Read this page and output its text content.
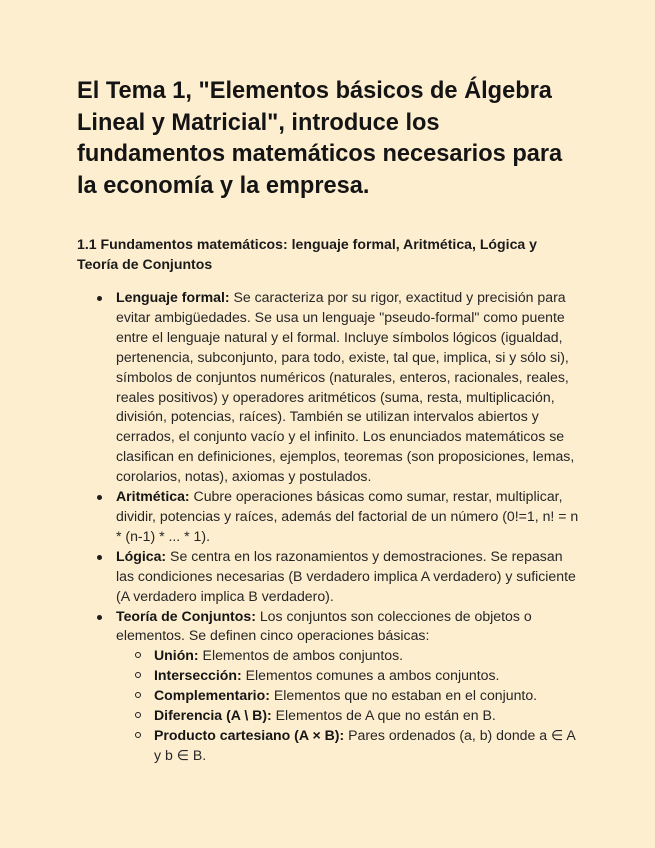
El Tema 1, "Elementos básicos de Álgebra Lineal y Matricial", introduce los fundamentos matemáticos necesarios para la economía y la empresa.
1.1 Fundamentos matemáticos: lenguaje formal, Aritmética, Lógica y Teoría de Conjuntos
Lenguaje formal: Se caracteriza por su rigor, exactitud y precisión para evitar ambigüedades. Se usa un lenguaje "pseudo-formal" como puente entre el lenguaje natural y el formal. Incluye símbolos lógicos (igualdad, pertenencia, subconjunto, para todo, existe, tal que, implica, si y sólo si), símbolos de conjuntos numéricos (naturales, enteros, racionales, reales, reales positivos) y operadores aritméticos (suma, resta, multiplicación, división, potencias, raíces). También se utilizan intervalos abiertos y cerrados, el conjunto vacío y el infinito. Los enunciados matemáticos se clasifican en definiciones, ejemplos, teoremas (son proposiciones, lemas, corolarios, notas), axiomas y postulados.
Aritmética: Cubre operaciones básicas como sumar, restar, multiplicar, dividir, potencias y raíces, además del factorial de un número (0!=1, n! = n * (n-1) * ... * 1).
Lógica: Se centra en los razonamientos y demostraciones. Se repasan las condiciones necesarias (B verdadero implica A verdadero) y suficiente (A verdadero implica B verdadero).
Teoría de Conjuntos: Los conjuntos son colecciones de objetos o elementos. Se definen cinco operaciones básicas:
Unión: Elementos de ambos conjuntos.
Intersección: Elementos comunes a ambos conjuntos.
Complementario: Elementos que no estaban en el conjunto.
Diferencia (A \ B): Elementos de A que no están en B.
Producto cartesiano (A × B): Pares ordenados (a, b) donde a ∈ A y b ∈ B.
